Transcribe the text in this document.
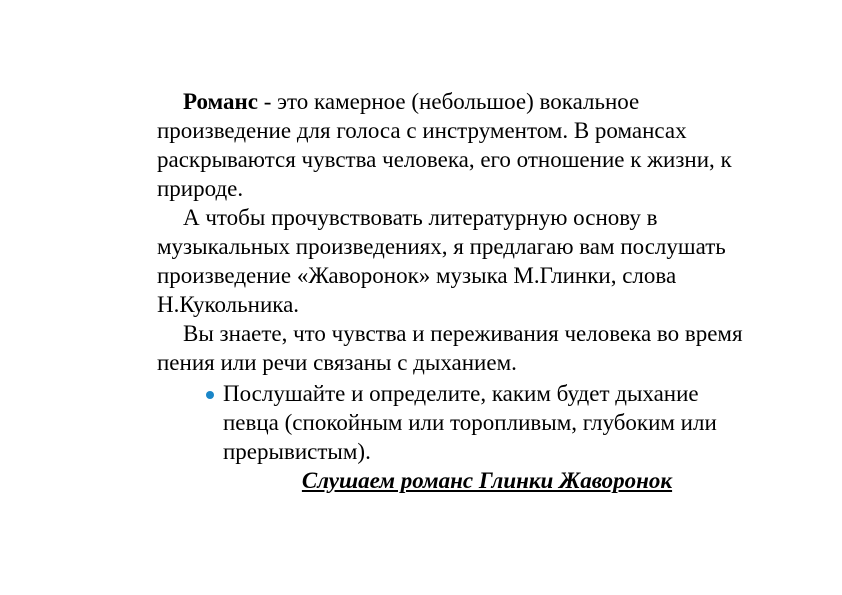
Романс - это камерное (небольшое) вокальное произведение для голоса с инструментом. В романсах раскрываются чувства человека, его отношение к жизни, к природе.

А чтобы прочувствовать литературную основу в музыкальных произведениях, я предлагаю вам послушать произведение «Жаворонок» музыка М.Глинки, слова Н.Кукольника.

Вы знаете, что чувства и переживания человека во время пения или речи связаны с дыханием.

Послушайте и определите, каким будет дыхание певца (спокойным или торопливым, глубоким или прерывистым).

Слушаем романс Глинки Жаворонок
